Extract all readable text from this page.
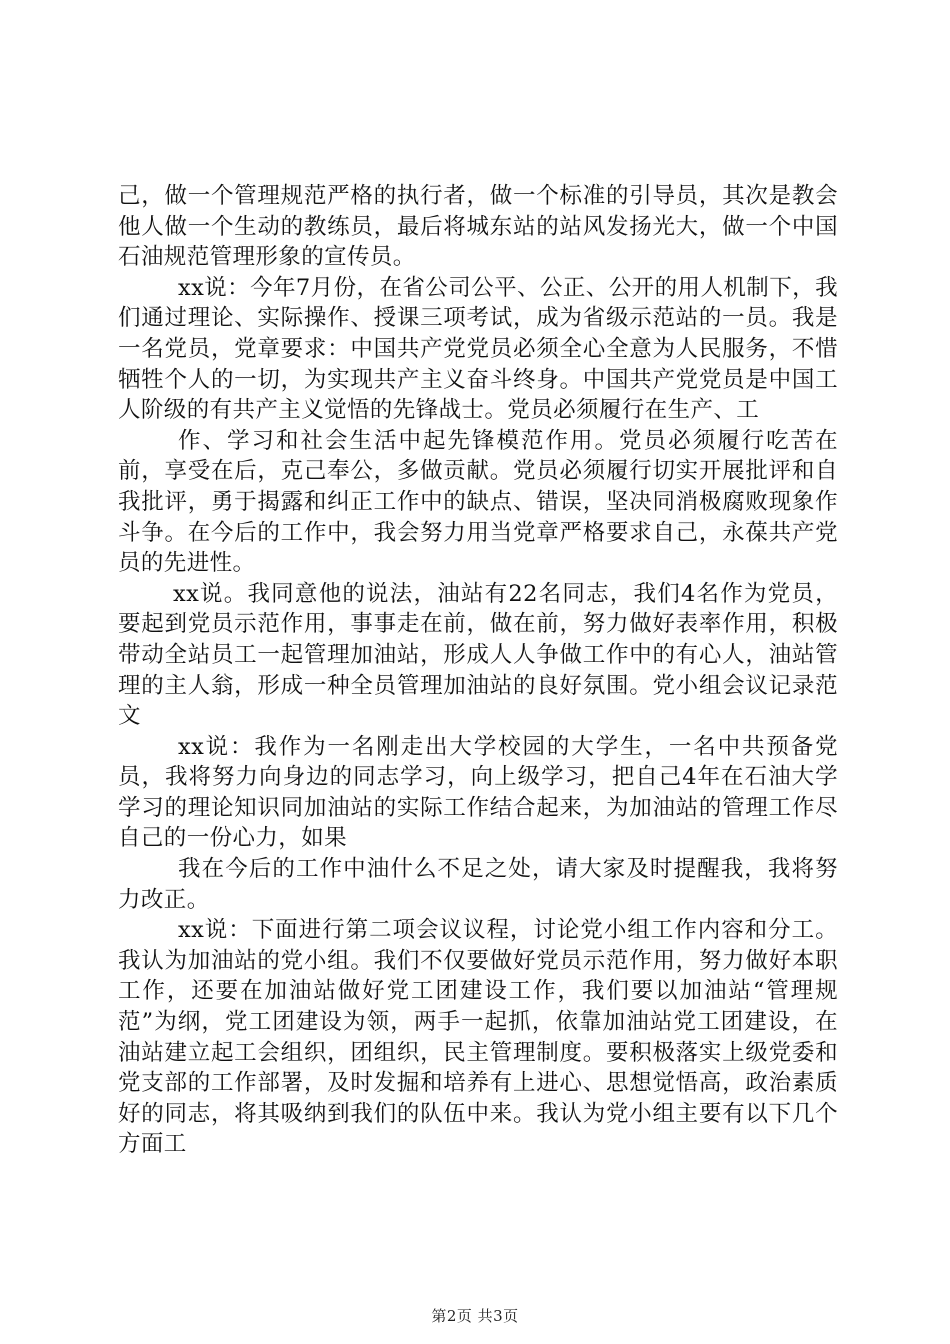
己，做一个管理规范严格的执行者，做一个标准的引导员，其次是教会他人做一个生动的教练员，最后将城东站的站风发扬光大，做一个中国石油规范管理形象的宣传员。

xx说：今年7月份，在省公司公平、公正、公开的用人机制下，我们通过理论、实际操作、授课三项考试，成为省级示范站的一员。我是一名党员，党章要求：中国共产党党员必须全心全意为人民服务，不惜牺牲个人的一切，为实现共产主义奋斗终身。中国共产党党员是中国工人阶级的有共产主义觉悟的先锋战士。党员必须履行在生产、工

作、学习和社会生活中起先锋模范作用。党员必须履行吃苦在前，享受在后，克己奉公，多做贡献。党员必须履行切实开展批评和自我批评，勇于揭露和纠正工作中的缺点、错误，坚决同消极腐败现象作斗争。在今后的工作中，我会努力用当党章严格要求自己，永葆共产党员的先进性。

xx说。我同意他的说法，油站有22名同志，我们4名作为党员，要起到党员示范作用，事事走在前，做在前，努力做好表率作用，积极带动全站员工一起管理加油站，形成人人争做工作中的有心人，油站管理的主人翁，形成一种全员管理加油站的良好氛围。党小组会议记录范文

xx说：我作为一名刚走出大学校园的大学生，一名中共预备党员，我将努力向身边的同志学习，向上级学习，把自己4年在石油大学学习的理论知识同加油站的实际工作结合起来，为加油站的管理工作尽自己的一份心力，如果

我在今后的工作中油什么不足之处，请大家及时提醒我，我将努力改正。

xx说：下面进行第二项会议议程，讨论党小组工作内容和分工。我认为加油站的党小组。我们不仅要做好党员示范作用，努力做好本职工作，还要在加油站做好党工团建设工作，我们要以加油站“管理规范”为纲，党工团建设为领，两手一起抓，依靠加油站党工团建设，在油站建立起工会组织，团组织，民主管理制度。要积极落实上级党委和党支部的工作部署，及时发掘和培养有上进心、思想觉悟高，政治素质好的同志，将其吸纳到我们的队伍中来。我认为党小组主要有以下几个方面工

第2页 共3页
